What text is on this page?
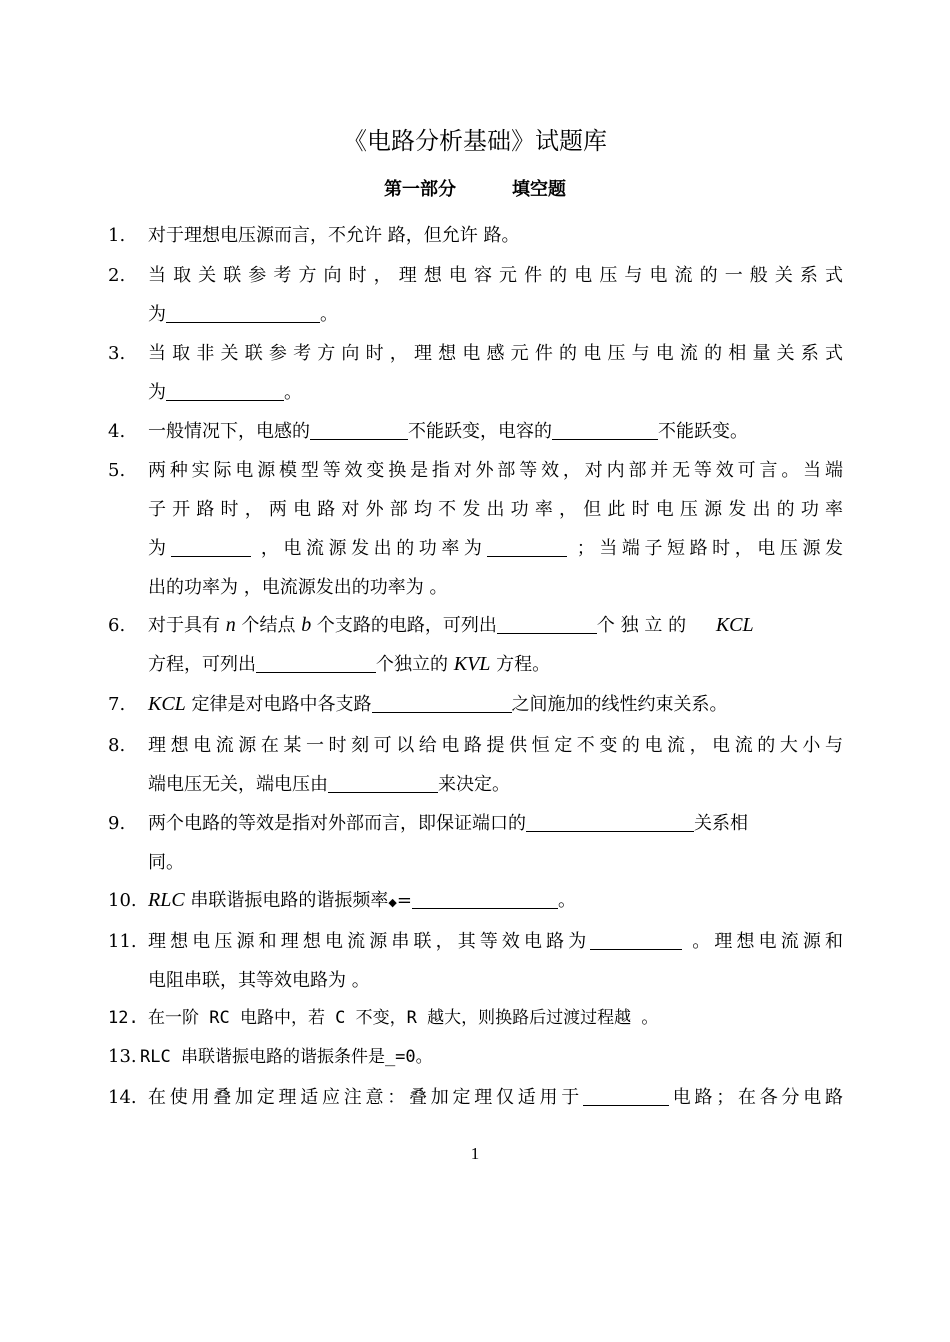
《电路分析基础》试题库
第一部分	填空题
1. 对于理想电压源而言，不允许 路，但允许 路。
2. 当取关联参考方向时，理想电容元件的电压与电流的一般关系式
为	。
3. 当取非关联参考方向时，理想电感元件的电压与电流的相量关系式
为	。
4. 一般情况下，电感的	不能跃变，电容的	不能跃变。
5. 两种实际电源模型等效变换是指对外部等效，对内部并无等效可言。当端
子开路时，两电路对外部均不发出功率，但此时电压源发出的功率
为	，电流源发出的功率为	；当端子短路时，电压源发
出的功率为 ，电流源发出的功率为 。
6. 对于具有 n 个结点 b 个支路的电路，可列出	个 独 立 的 KCL
方程，可列出	个独立的 KVL 方程。
7. KCL 定律是对电路中各支路	之间施加的线性约束关系。
8. 理想电流源在某一时刻可以给电路提供恒定不变的电流，电流的大小与
端电压无关，端电压由	来决定。
9. 两个电路的等效是指对外部而言，即保证端口的	关系相
同。
10. RLC 串联谐振电路的谐振频率◆=	。
11. 理想电压源和理想电流源串联，其等效电路为	。理想电流源和
电阻串联，其等效电路为 。
12. 在一阶 RC 电路中，若 C 不变，R 越大，则换路后过渡过程越 。
13. RLC 串联谐振电路的谐振条件是_=0。
14. 在使用叠加定理适应注意：叠加定理仅适用于	电路；在各分电路
1
